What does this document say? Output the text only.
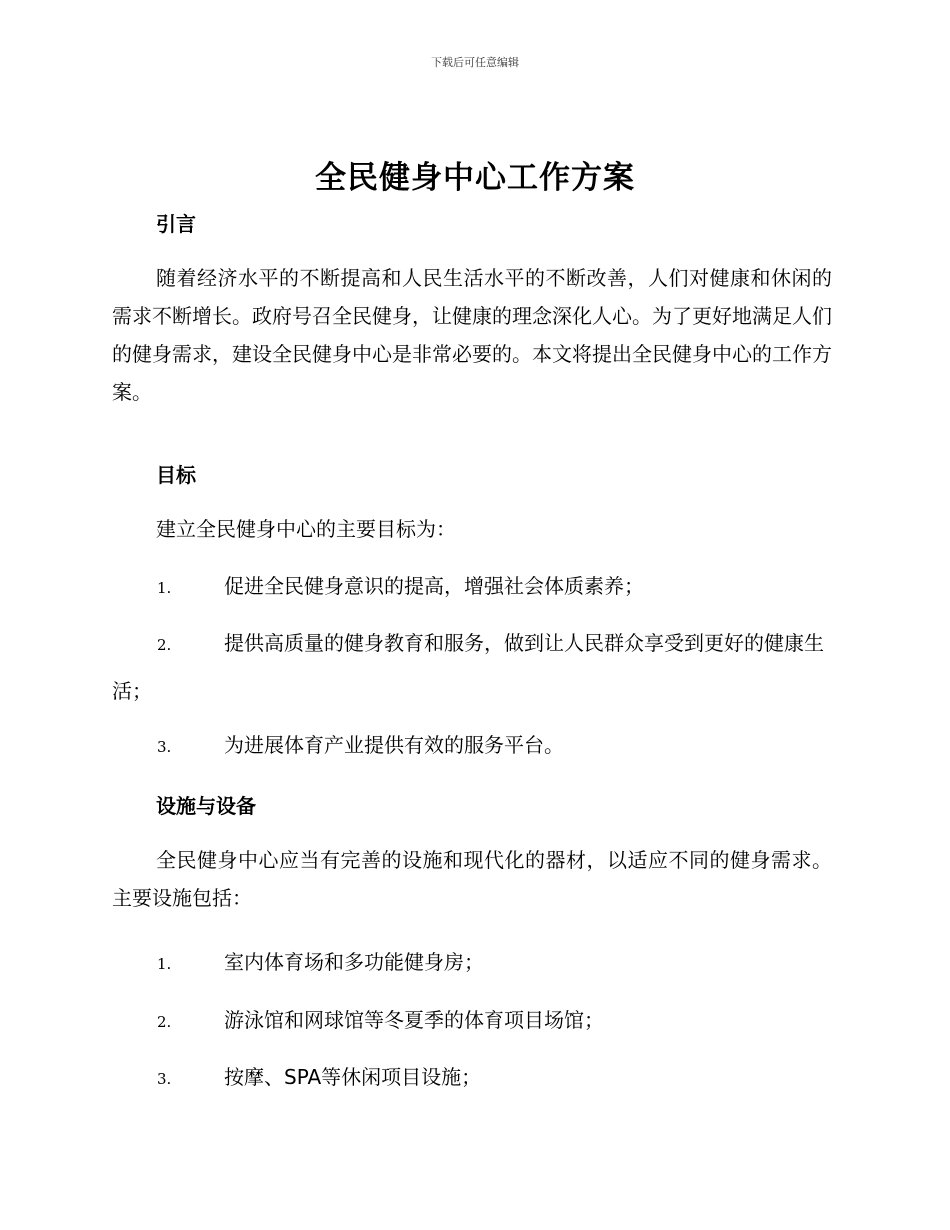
下载后可任意编辑
全民健身中心工作方案
引言

随着经济水平的不断提高和人民生活水平的不断改善，人们对健康和休闲的需求不断增长。政府号召全民健身，让健康的理念深化人心。为了更好地满足人们的健身需求，建设全民健身中心是非常必要的。本文将提出全民健身中心的工作方案。

目标

建立全民健身中心的主要目标为：

1.	促进全民健身意识的提高，增强社会体质素养；

2.	提供高质量的健身教育和服务，做到让人民群众享受到更好的健康生活；

3.	为进展体育产业提供有效的服务平台。

设施与设备

全民健身中心应当有完善的设施和现代化的器材，以适应不同的健身需求。主要设施包括：

1.	室内体育场和多功能健身房；

2.	游泳馆和网球馆等冬夏季的体育项目场馆；

3.	按摩、SPA等休闲项目设施；
